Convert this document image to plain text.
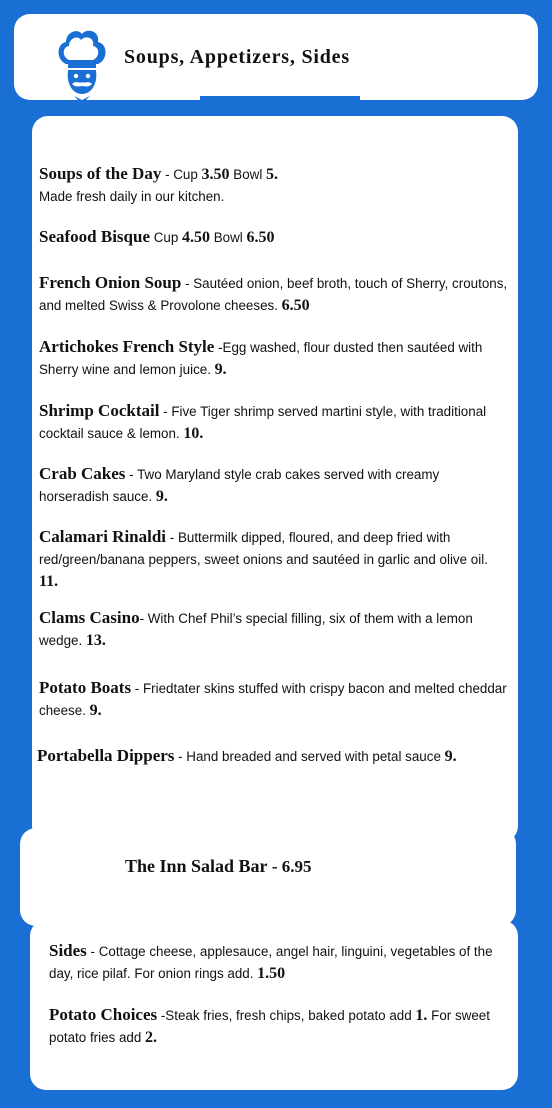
Soups, Appetizers, Sides
Soups of the Day - Cup 3.50 Bowl 5.
Made fresh daily in our kitchen.
Seafood Bisque Cup 4.50 Bowl 6.50
French Onion Soup - Sautéed onion, beef broth, touch of Sherry, croutons, and melted Swiss & Provolone cheeses. 6.50
Artichokes French Style -Egg washed, flour dusted then sautéed with Sherry wine and lemon juice. 9.
Shrimp Cocktail - Five Tiger shrimp served martini style, with traditional cocktail sauce & lemon. 10.
Crab Cakes - Two Maryland style crab cakes served with creamy horseradish sauce. 9.
Calamari Rinaldi - Buttermilk dipped, floured, and deep fried with red/green/banana peppers, sweet onions and sautéed in garlic and olive oil. 11.
Clams Casino- With Chef Phil’s special filling, six of them with a lemon wedge. 13.
Potato Boats - Friedtater skins stuffed with crispy bacon and melted cheddar cheese. 9.
Portabella Dippers - Hand breaded and served with petal sauce 9.
The Inn Salad Bar - 6.95
Sides - Cottage cheese, applesauce, angel hair, linguini, vegetables of the day, rice pilaf. For onion rings add. 1.50
Potato Choices -Steak fries, fresh chips, baked potato add 1. For sweet potato fries add 2.
